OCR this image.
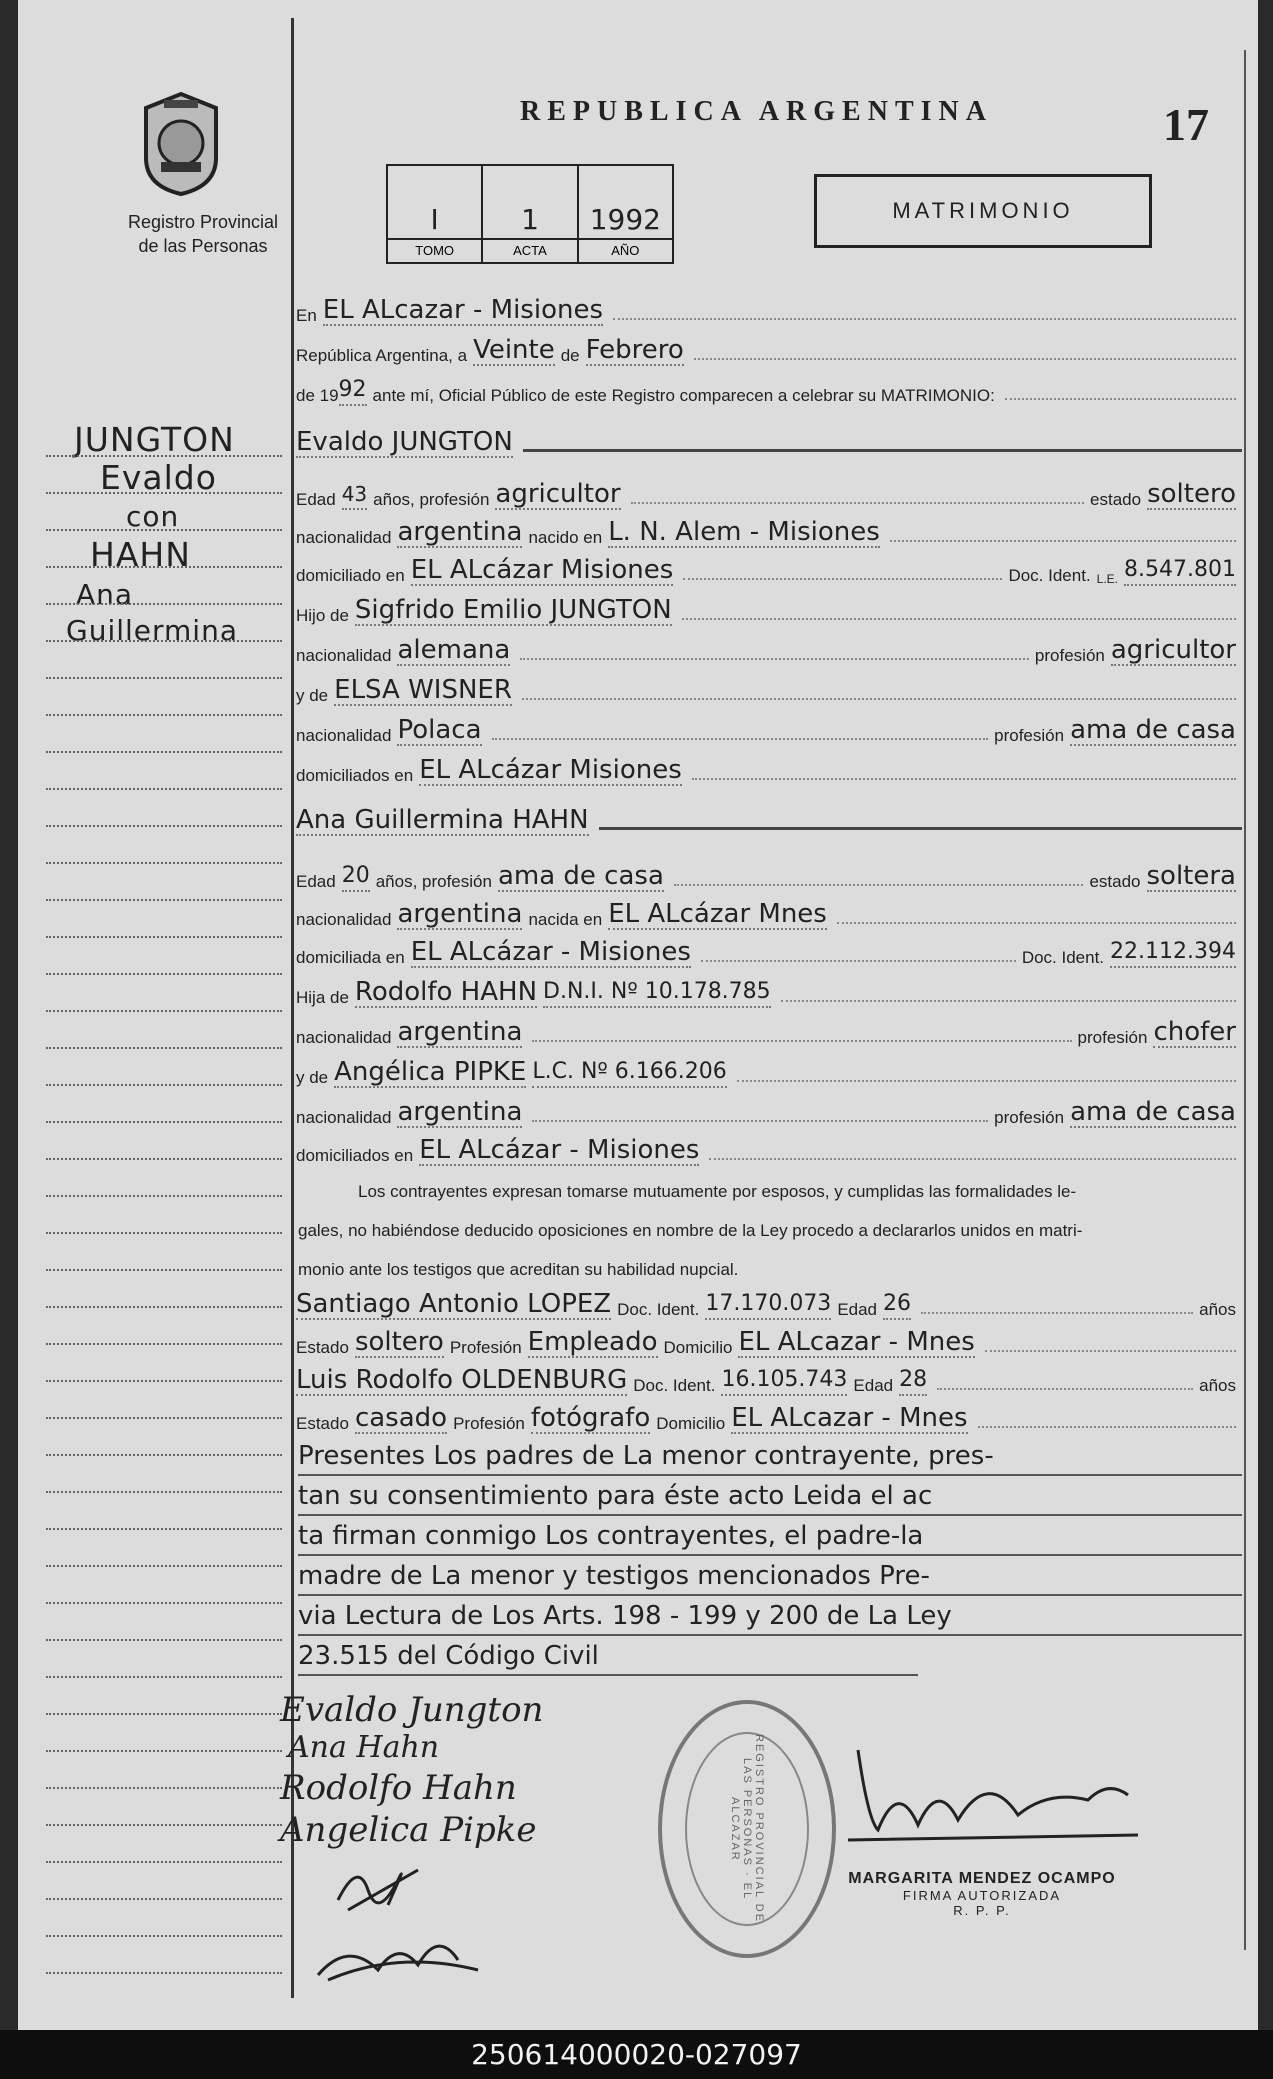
Registro Provincial
de las Personas
JUNGTON
Evaldo
con
HAHN
Ana
Guillermina
REPUBLICA ARGENTINA	17
I
TOMO
1
ACTA
1992
AÑO
MATRIMONIO
En EL ALcazar - Misiones
República Argentina, a Veinte de Febrero
de 19 92 ante mí, Oficial Público de este Registro comparecen a celebrar su MATRIMONIO:
Evaldo JUNGTON
Edad 43 años, profesión agricultor	estado soltero
nacionalidad argentina nacido en L. N. Alem - Misiones
domiciliado en EL ALcázar Misiones	Doc. Ident. L.E. 8.547.801
Hijo de Sigfrido Emilio JUNGTON
nacionalidad alemana	profesión agricultor
y de ELSA WISNER
nacionalidad Polaca	profesión ama de casa
domiciliados en EL ALcázar Misiones
Ana Guillermina HAHN
Edad 20 años, profesión ama de casa	estado soltera
nacionalidad argentina nacida en EL ALcázar Mnes
domiciliada en EL ALcázar - Misiones	Doc. Ident. 22.112.394
Hija de Rodolfo HAHN D.N.I. Nº 10.178.785
nacionalidad argentina	profesión chofer
y de Angélica PIPKE L.C. Nº 6.166.206
nacionalidad argentina	profesión ama de casa
domiciliados en EL ALcázar - Misiones
Los contrayentes expresan tomarse mutuamente por esposos, y cumplidas las formalidades le-
gales, no habiéndose deducido oposiciones en nombre de la Ley procedo a declararlos unidos en matri-
monio ante los testigos que acreditan su habilidad nupcial.
Santiago Antonio LOPEZ Doc. Ident. 17.170.073 Edad 26	años
Estado soltero Profesión Empleado Domicilio EL ALcazar - Mnes
Luis Rodolfo OLDENBURG Doc. Ident. 16.105.743 Edad 28	años
Estado casado Profesión fotógrafo Domicilio EL ALcazar - Mnes
Presentes Los padres de La menor contrayente, pres-
tan su consentimiento para éste acto Leida el ac
ta firman conmigo Los contrayentes, el padre-la
madre de La menor y testigos mencionados Pre-
via Lectura de Los Arts. 198 - 199 y 200 de La Ley
23.515 del Código Civil
Evaldo Jungton
Ana Hahn
Rodolfo Hahn
Angelica Pipke	REGISTRO PROVINCIAL DE LAS PERSONAS · EL ALCAZAR
MARGARITA MENDEZ OCAMPO
FIRMA AUTORIZADA
R. P. P.
250614000020-027097
